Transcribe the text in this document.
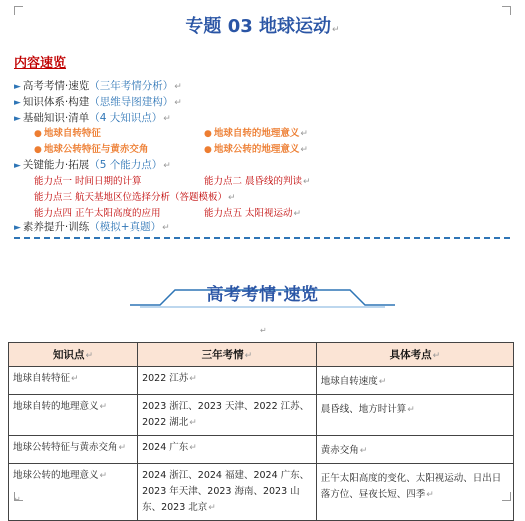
专题 03 地球运动↵
内容速览
► 高考考情·速览（三年考情分析）↵
► 知识体系·构建（思维导图建构）↵
► 基础知识·清单（4 大知识点）↵
● 地球自转特征	● 地球自转的地理意义↵
● 地球公转特征与黄赤交角	● 地球公转的地理意义↵
► 关键能力·拓展（5 个能力点）↵
能力点一 时间日期的计算	能力点二 晨昏线的判读↵
能力点三 航天基地区位选择分析（答题模板）↵
能力点四 正午太阳高度的应用	能力点五 太阳视运动↵
► 素养提升·训练（模拟+真题）↵
高考考情·速览
↵
知识点↵	三年考情↵	具体考点↵
地球自转特征↵	2022 江苏↵	地球自转速度↵
地球自转的地理意义↵	2023 浙江、2023 天津、2022 江苏、2022 湖北↵	晨昏线、地方时计算↵
地球公转特征与黄赤交角↵	2024 广东↵	黄赤交角↵
地球公转的地理意义↵	2024 浙江、2024 福建、2024 广东、2023 年天津、2023 海南、2023 山东、2023 北京↵	正午太阳高度的变化、太阳视运动、日出日落方位、昼夜长短、四季↵
↵
